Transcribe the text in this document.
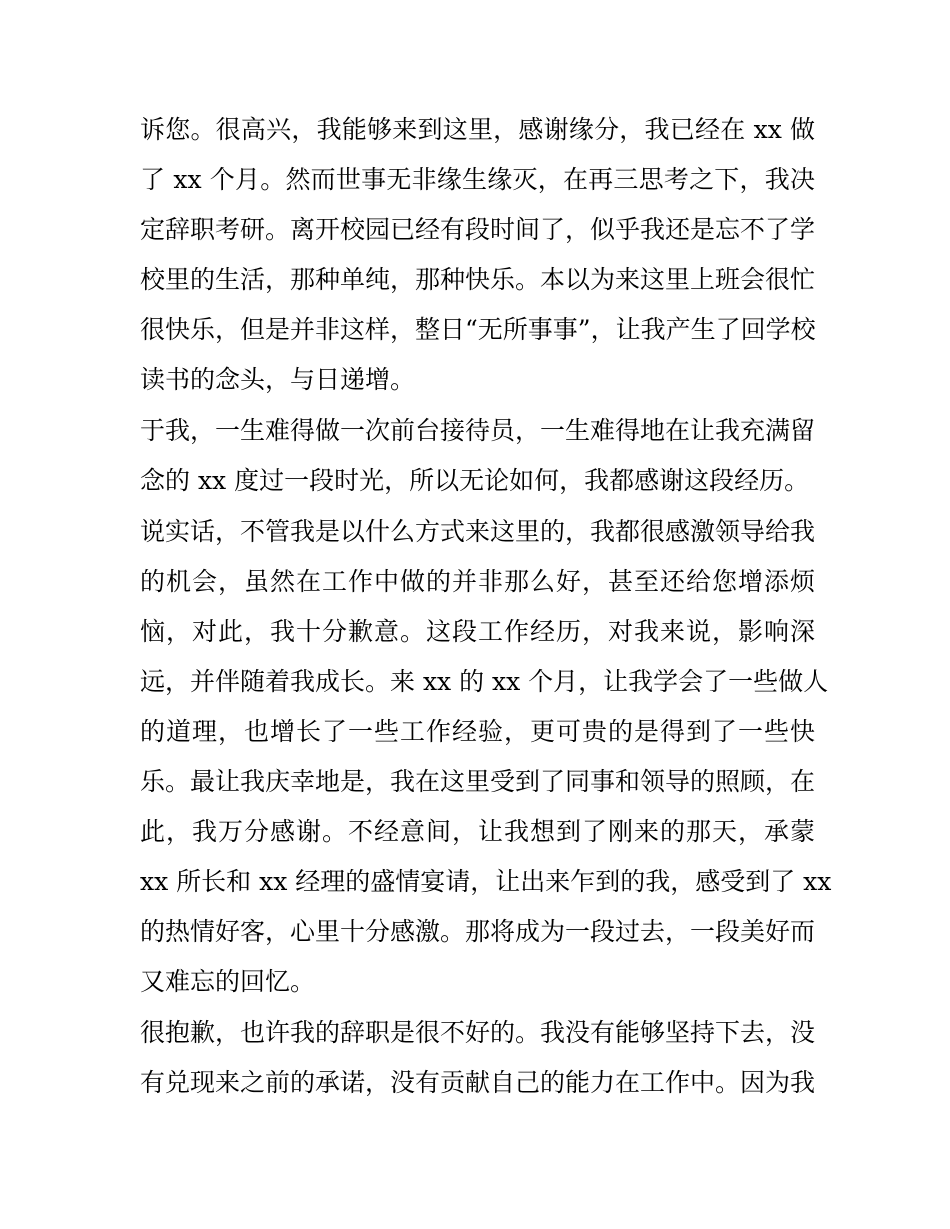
诉您。很高兴，我能够来到这里，感谢缘分，我已经在 xx 做
了 xx 个月。然而世事无非缘生缘灭，在再三思考之下，我决
定辞职考研。离开校园已经有段时间了，似乎我还是忘不了学
校里的生活，那种单纯，那种快乐。本以为来这里上班会很忙
很快乐，但是并非这样，整日“无所事事”，让我产生了回学校
读书的念头，与日递增。
于我，一生难得做一次前台接待员，一生难得地在让我充满留
念的 xx 度过一段时光，所以无论如何，我都感谢这段经历。
说实话，不管我是以什么方式来这里的，我都很感激领导给我
的机会，虽然在工作中做的并非那么好，甚至还给您增添烦
恼，对此，我十分歉意。这段工作经历，对我来说，影响深
远，并伴随着我成长。来 xx 的 xx 个月，让我学会了一些做人
的道理，也增长了一些工作经验，更可贵的是得到了一些快
乐。最让我庆幸地是，我在这里受到了同事和领导的照顾，在
此，我万分感谢。不经意间，让我想到了刚来的那天，承蒙
xx 所长和 xx 经理的盛情宴请，让出来乍到的我，感受到了 xx
的热情好客，心里十分感激。那将成为一段过去，一段美好而
又难忘的回忆。
很抱歉，也许我的辞职是很不好的。我没有能够坚持下去，没
有兑现来之前的承诺，没有贡献自己的能力在工作中。因为我
